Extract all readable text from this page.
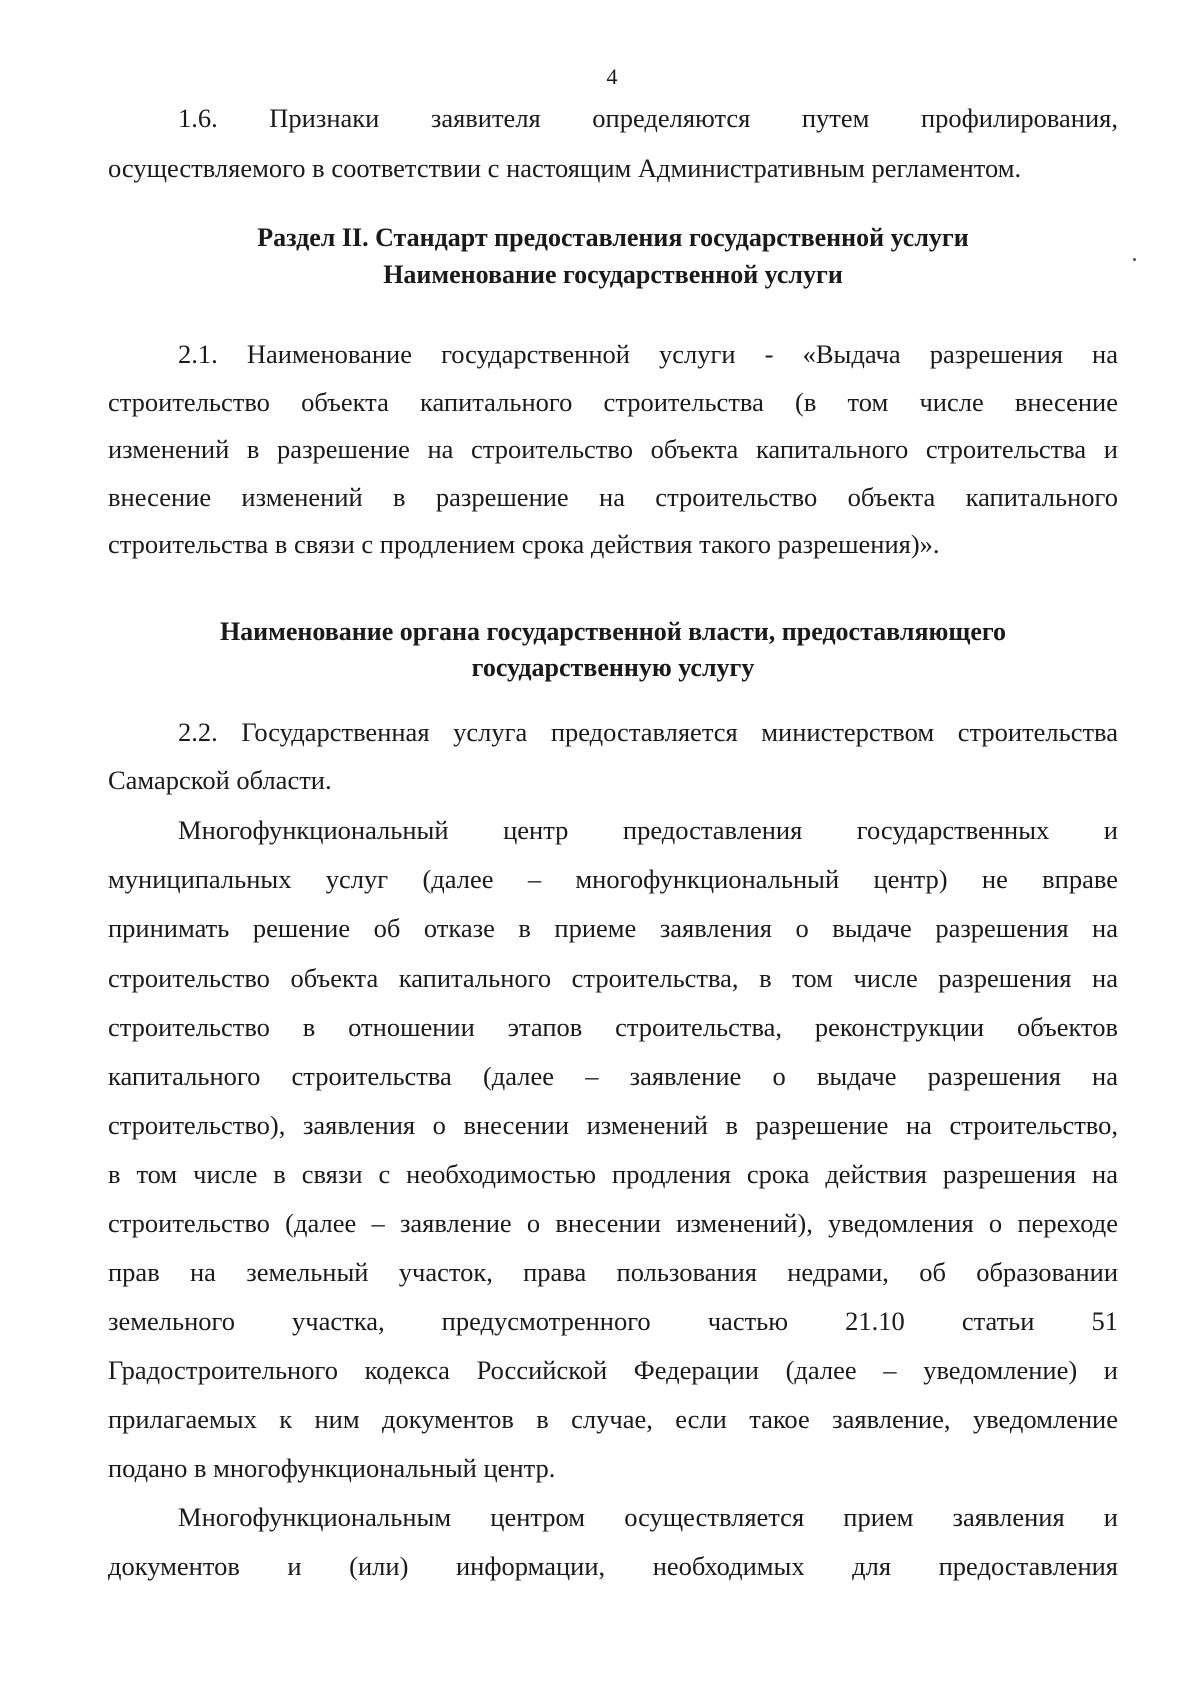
4
1.6. Признаки заявителя определяются путем профилирования,
осуществляемого в соответствии с настоящим Административным регламентом.
Раздел II. Стандарт предоставления государственной услуги
Наименование государственной услуги
2.1. Наименование государственной услуги - «Выдача разрешения на
строительство объекта капитального строительства (в том числе внесение
изменений в разрешение на строительство объекта капитального строительства и
внесение изменений в разрешение на строительство объекта капитального
строительства в связи с продлением срока действия такого разрешения)».
Наименование органа государственной власти, предоставляющего
государственную услугу
2.2. Государственная услуга предоставляется министерством строительства
Самарской области.
Многофункциональный центр предоставления государственных и
муниципальных услуг (далее – многофункциональный центр) не вправе
принимать решение об отказе в приеме заявления о выдаче разрешения на
строительство объекта капитального строительства, в том числе разрешения на
строительство в отношении этапов строительства, реконструкции объектов
капитального строительства (далее – заявление о выдаче разрешения на
строительство), заявления о внесении изменений в разрешение на строительство,
в том числе в связи с необходимостью продления срока действия разрешения на
строительство (далее – заявление о внесении изменений), уведомления о переходе
прав на земельный участок, права пользования недрами, об образовании
земельного участка, предусмотренного частью 21.10 статьи 51
Градостроительного кодекса Российской Федерации (далее – уведомление) и
прилагаемых к ним документов в случае, если такое заявление, уведомление
подано в многофункциональный центр.
Многофункциональным центром осуществляется прием заявления и
документов и (или) информации, необходимых для предоставления
